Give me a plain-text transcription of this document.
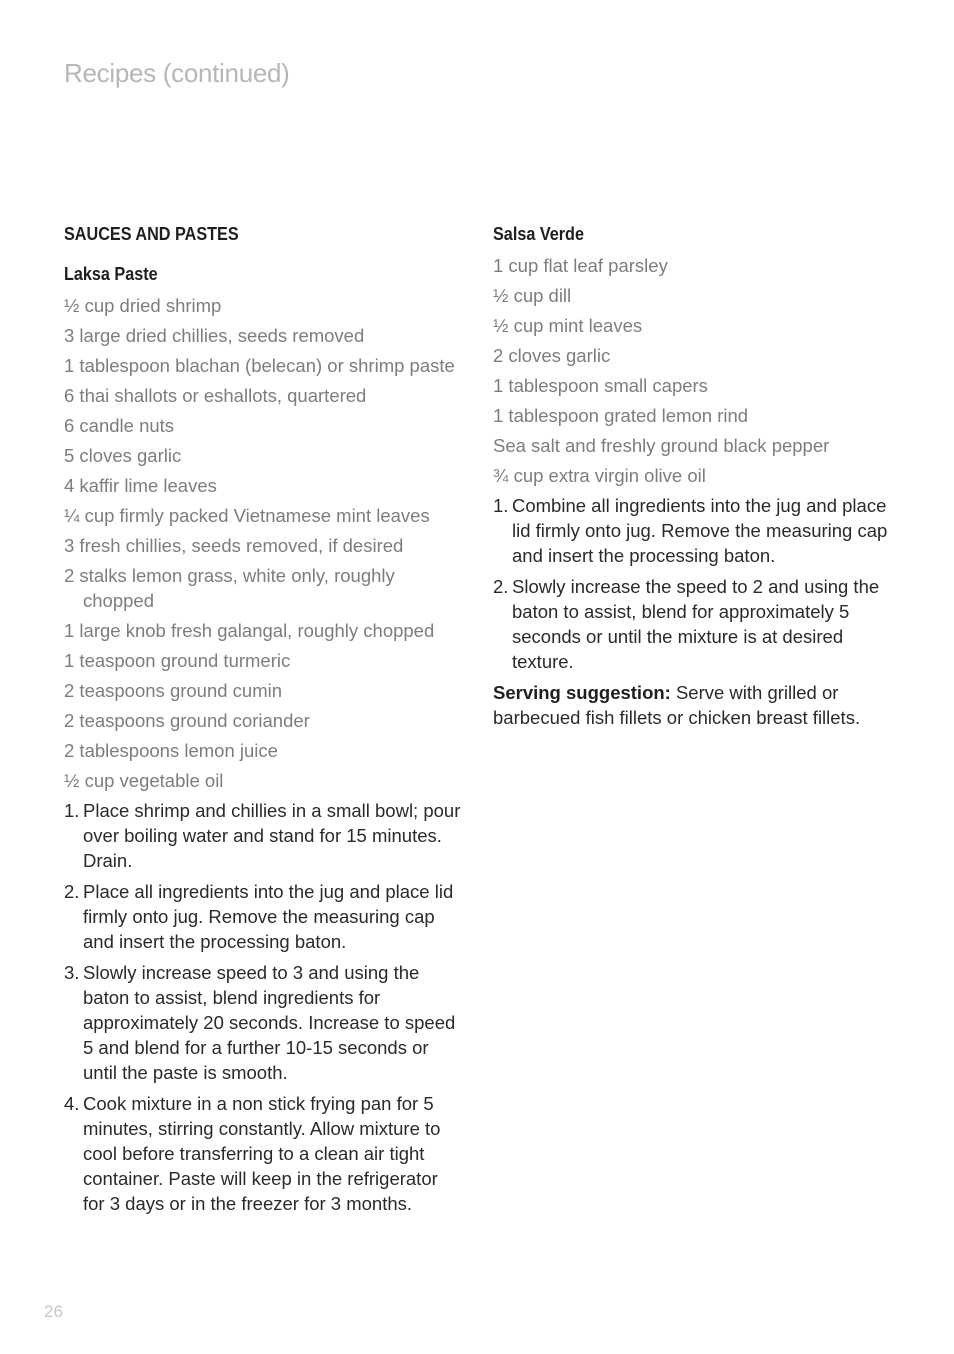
Recipes (continued)
SAUCES AND PASTES
Laksa Paste
½ cup dried shrimp
3 large dried chillies, seeds removed
1 tablespoon blachan (belecan) or shrimp paste
6 thai shallots or eshallots, quartered
6 candle nuts
5 cloves garlic
4 kaffir lime leaves
¼ cup firmly packed Vietnamese mint leaves
3 fresh chillies, seeds removed, if desired
2 stalks lemon grass, white only, roughly chopped
1 large knob fresh galangal, roughly chopped
1 teaspoon ground turmeric
2 teaspoons ground cumin
2 teaspoons ground coriander
2 tablespoons lemon juice
½ cup vegetable oil
1. Place shrimp and chillies in a small bowl; pour over boiling water and stand for 15 minutes. Drain.
2. Place all ingredients into the jug and place lid firmly onto jug. Remove the measuring cap and insert the processing baton.
3. Slowly increase speed to 3 and using the baton to assist, blend ingredients for approximately 20 seconds. Increase to speed 5 and blend for a further 10-15 seconds or until the paste is smooth.
4. Cook mixture in a non stick frying pan for 5 minutes, stirring constantly. Allow mixture to cool before transferring to a clean air tight container. Paste will keep in the refrigerator for 3 days or in the freezer for 3 months.
Salsa Verde
1 cup flat leaf parsley
½ cup dill
½ cup mint leaves
2 cloves garlic
1 tablespoon small capers
1 tablespoon grated lemon rind
Sea salt and freshly ground black pepper
¾ cup extra virgin olive oil
1. Combine all ingredients into the jug and place lid firmly onto jug. Remove the measuring cap and insert the processing baton.
2. Slowly increase the speed to 2 and using the baton to assist, blend for approximately 5 seconds or until the mixture is at desired texture.
Serving suggestion: Serve with grilled or barbecued fish fillets or chicken breast fillets.
26
